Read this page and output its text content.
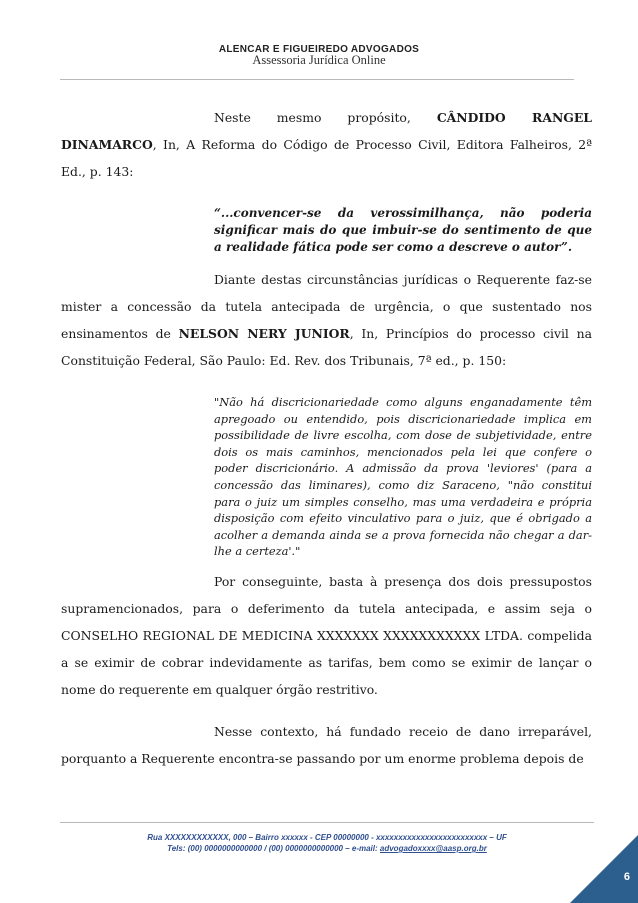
ALENCAR E FIGUEIREDO ADVOGADOS
Assessoria Jurídica Online

Neste mesmo propósito, CÂNDIDO RANGEL DINAMARCO, In, A Reforma do Código de Processo Civil, Editora Falheiros, 2ª Ed., p. 143:

“...convencer-se da verossimilhança, não poderia significar mais do que imbuir-se do sentimento de que a realidade fática pode ser como a descreve o autor”.

Diante destas circunstâncias jurídicas o Requerente faz-se mister a concessão da tutela antecipada de urgência, o que sustentado nos ensinamentos de NELSON NERY JUNIOR, In, Princípios do processo civil na Constituição Federal, São Paulo: Ed. Rev. dos Tribunais, 7ª ed., p. 150:

"Não há discricionariedade como alguns enganadamente têm apregoado ou entendido, pois discricionariedade implica em possibilidade de livre escolha, com dose de subjetividade, entre dois os mais caminhos, mencionados pela lei que confere o poder discricionário. A admissão da prova 'leviores' (para a concessão das liminares), como diz Saraceno, "não constitui para o juiz um simples conselho, mas uma verdadeira e própria disposição com efeito vinculativo para o juiz, que é obrigado a acolher a demanda ainda se a prova fornecida não chegar a dar-lhe a certeza'."

Por conseguinte, basta à presença dos dois pressupostos supramencionados, para o deferimento da tutela antecipada, e assim seja o CONSELHO REGIONAL DE MEDICINA XXXXXXX XXXXXXXXXXX LTDA. compelida a se eximir de cobrar indevidamente as tarifas, bem como se eximir de lançar o nome do requerente em qualquer órgão restritivo.

Nesse contexto, há fundado receio de dano irreparável, porquanto a Requerente encontra-se passando por um enorme problema depois de

Rua XXXXXXXXXXXX, 000 – Bairro xxxxxx - CEP 00000000 - xxxxxxxxxxxxxxxxxxxxxxxxx – UF
Tels: (00) 0000000000000 / (00) 0000000000000 – e-mail: advogadoxxxx@aasp.org.br
6
